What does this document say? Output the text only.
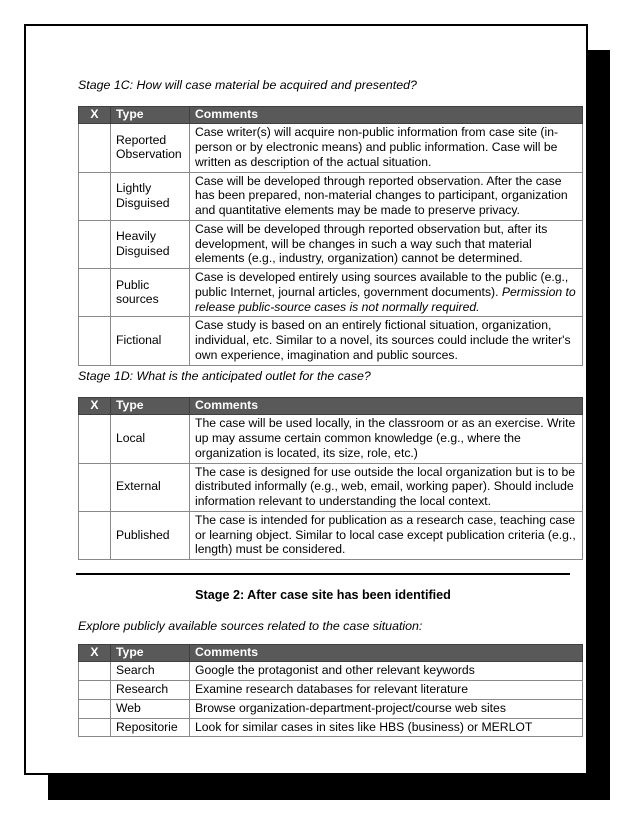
Stage 1C: How will case material be acquired and presented?

X	Type	Comments
	Reported Observation	Case writer(s) will acquire non-public information from case site (in-person or by electronic means) and public information. Case will be written as description of the actual situation.
	Lightly Disguised	Case will be developed through reported observation. After the case has been prepared, non-material changes to participant, organization and quantitative elements may be made to preserve privacy.
	Heavily Disguised	Case will be developed through reported observation but, after its development, will be changes in such a way such that material elements (e.g., industry, organization) cannot be determined.
	Public sources	Case is developed entirely using sources available to the public (e.g., public Internet, journal articles, government documents). Permission to release public-source cases is not normally required.
	Fictional	Case study is based on an entirely fictional situation, organization, individual, etc. Similar to a novel, its sources could include the writer's own experience, imagination and public sources.

Stage 1D: What is the anticipated outlet for the case?

X	Type	Comments
	Local	The case will be used locally, in the classroom or as an exercise. Write up may assume certain common knowledge (e.g., where the organization is located, its size, role, etc.)
	External	The case is designed for use outside the local organization but is to be distributed informally (e.g., web, email, working paper). Should include information relevant to understanding the local context.
	Published	The case is intended for publication as a research case, teaching case or learning object. Similar to local case except publication criteria (e.g., length) must be considered.

Stage 2: After case site has been identified

Explore publicly available sources related to the case situation:

X	Type	Comments
	Search	Google the protagonist and other relevant keywords
	Research	Examine research databases for relevant literature
	Web	Browse organization-department-project/course web sites
	Repositorie	Look for similar cases in sites like HBS (business) or MERLOT
